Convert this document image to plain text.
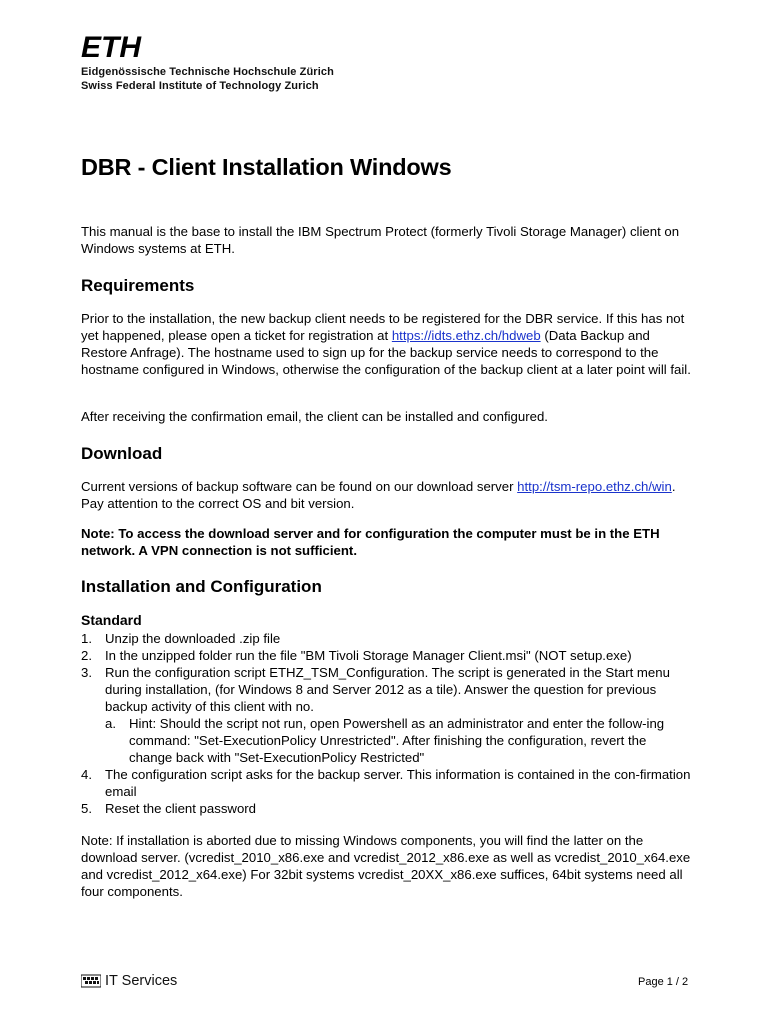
ETH
Eidgenössische Technische Hochschule Zürich
Swiss Federal Institute of Technology Zurich
DBR - Client Installation Windows

This manual is the base to install the IBM Spectrum Protect (formerly Tivoli Storage Manager) client on Windows systems at ETH.

Requirements

Prior to the installation, the new backup client needs to be registered for the DBR service. If this has not yet happened, please open a ticket for registration at https://idts.ethz.ch/hdweb (Data Backup and Restore Anfrage). The hostname used to sign up for the backup service needs to correspond to the hostname configured in Windows, otherwise the configuration of the backup client at a later point will fail.

After receiving the confirmation email, the client can be installed and configured.

Download

Current versions of backup software can be found on our download server http://tsm-repo.ethz.ch/win. Pay attention to the correct OS and bit version.

Note: To access the download server and for configuration the computer must be in the ETH network. A VPN connection is not sufficient.

Installation and Configuration
Standard
1. Unzip the downloaded .zip file
2. In the unzipped folder run the file "BM Tivoli Storage Manager Client.msi" (NOT setup.exe)
3. Run the configuration script ETHZ_TSM_Configuration. The script is generated in the Start menu during installation, (for Windows 8 and Server 2012 as a tile). Answer the question for previous backup activity of this client with no.
a. Hint: Should the script not run, open Powershell as an administrator and enter the follow-ing command: "Set-ExecutionPolicy Unrestricted". After finishing the configuration, revert the change back with "Set-ExecutionPolicy Restricted"
4. The configuration script asks for the backup server. This information is contained in the con-firmation email
5. Reset the client password

Note: If installation is aborted due to missing Windows components, you will find the latter on the download server. (vcredist_2010_x86.exe and vcredist_2012_x86.exe as well as vcredist_2010_x64.exe and vcredist_2012_x64.exe) For 32bit systems vcredist_20XX_x86.exe suffices, 64bit systems need all four components.

IT Services	Page 1 / 2
